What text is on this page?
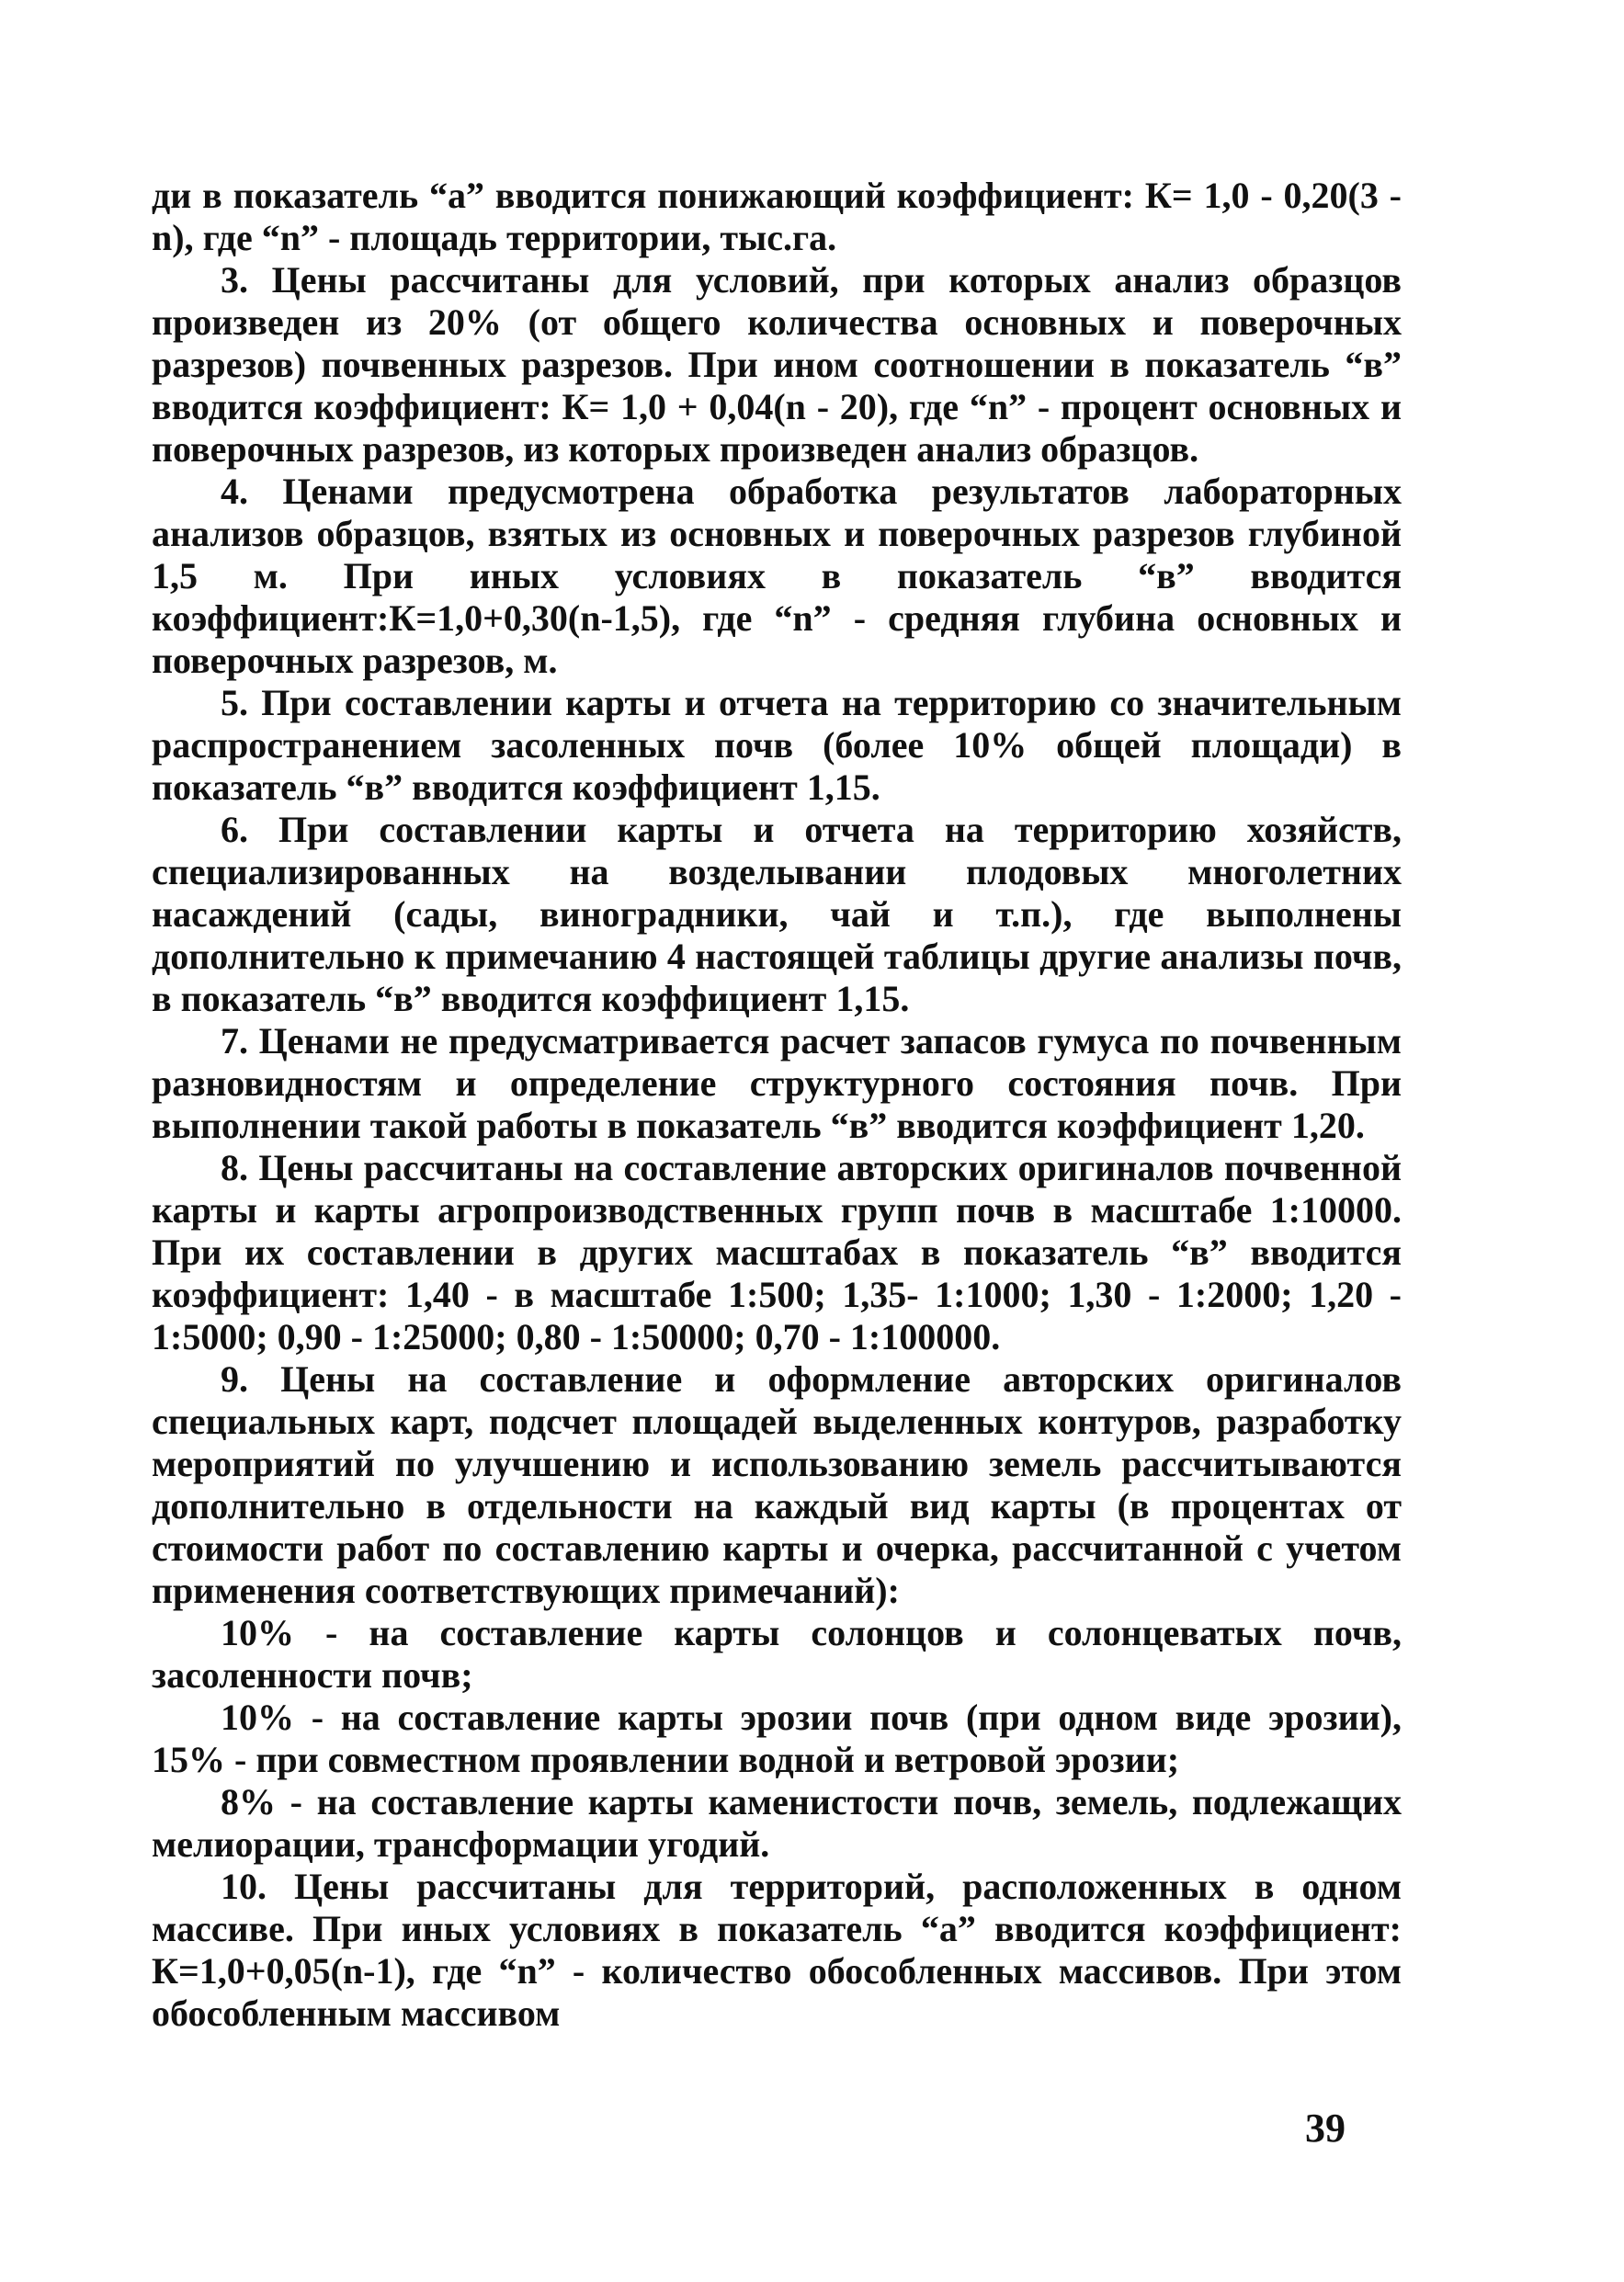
ди в показатель “а” вводится понижающий коэффициент: К= 1,0 - 0,20(3 - n), где “n” - площадь территории, тыс.га.

3. Цены рассчитаны для условий, при которых анализ образцов произведен из 20% (от общего количества основных и поверочных разрезов) почвенных разрезов. При ином соотношении в показатель “в” вводится коэффициент: К= 1,0 + 0,04(n - 20), где “n” - процент основных и поверочных разрезов, из которых произведен анализ образцов.

4. Ценами предусмотрена обработка результатов лабораторных анализов образцов, взятых из основных и поверочных разрезов глубиной 1,5 м. При иных условиях в показатель “в” вводится коэффициент:К=1,0+0,30(n-1,5), где “n” - средняя глубина основных и поверочных разрезов, м.

5. При составлении карты и отчета на территорию со значительным распространением засоленных почв (более 10% общей площади) в показатель “в” вводится коэффициент 1,15.

6. При составлении карты и отчета на территорию хозяйств, специализированных на возделывании плодовых многолетних насаждений (сады, виноградники, чай и т.п.), где выполнены дополнительно к примечанию 4 настоящей таблицы другие анализы почв, в показатель “в” вводится коэффициент 1,15.

7. Ценами не предусматривается расчет запасов гумуса по почвенным разновидностям и определение структурного состояния почв. При выполнении такой работы в показатель “в” вводится коэффициент 1,20.

8. Цены рассчитаны на составление авторских оригиналов почвенной карты и карты агропроизводственных групп почв в масштабе 1:10000. При их составлении в других масштабах в показатель “в” вводится коэффициент: 1,40 - в масштабе 1:500; 1,35- 1:1000; 1,30 - 1:2000; 1,20 - 1:5000; 0,90 - 1:25000; 0,80 - 1:50000; 0,70 - 1:100000.

9. Цены на составление и оформление авторских оригиналов специальных карт, подсчет площадей выделенных контуров, разработку мероприятий по улучшению и использованию земель рассчитываются дополнительно в отдельности на каждый вид карты (в процентах от стоимости работ по составлению карты и очерка, рассчитанной с учетом применения соответствующих примечаний):

10% - на составление карты солонцов и солонцеватых почв, засоленности почв;

10% - на составление карты эрозии почв (при одном виде эрозии), 15% - при совместном проявлении водной и ветровой эрозии;

8% - на составление карты каменистости почв, земель, подлежащих мелиорации, трансформации угодий.

10. Цены рассчитаны для территорий, расположенных в одном массиве. При иных условиях в показатель “а” вводится коэффициент: К=1,0+0,05(n-1), где “n” - количество обособленных массивов. При этом обособленным массивом

39
